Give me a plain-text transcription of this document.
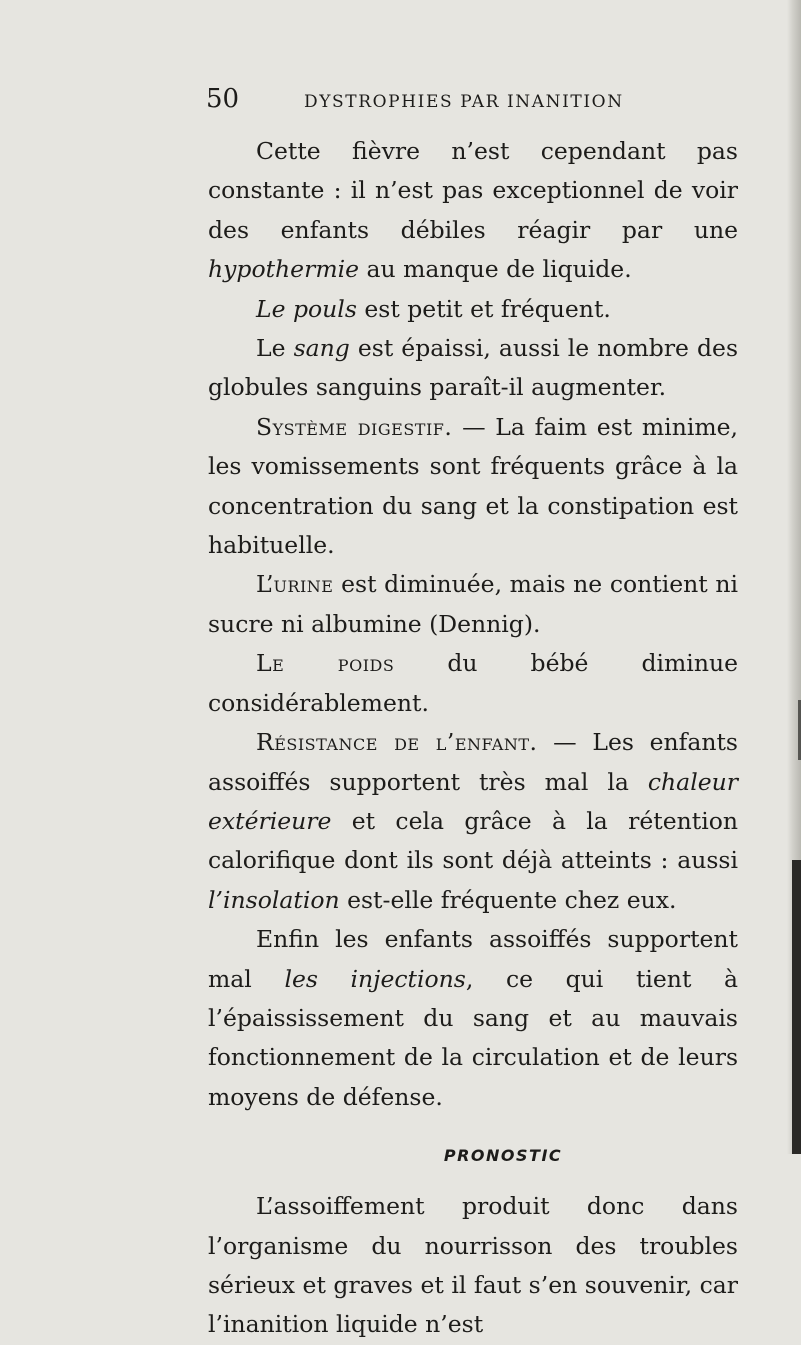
50	DYSTROPHIES PAR INANITION

Cette fièvre n’est cependant pas constante : il n’est pas exceptionnel de voir des enfants débiles réagir par une hypothermie au manque de liquide.

Le pouls est petit et fréquent.

Le sang est épaissi, aussi le nombre des globules sanguins paraît-il augmenter.

Système digestif. — La faim est minime, les vomissements sont fréquents grâce à la concentration du sang et la constipation est habituelle.

L’urine est diminuée, mais ne contient ni sucre ni albumine (Dennig).

Le poids du bébé diminue considérablement.

Résistance de l’enfant. — Les enfants assoiffés supportent très mal la chaleur extérieure et cela grâce à la rétention calorifique dont ils sont déjà atteints : aussi l’insolation est-elle fréquente chez eux.

Enfin les enfants assoiffés supportent mal les injections, ce qui tient à l’épaississement du sang et au mauvais fonctionnement de la circulation et de leurs moyens de défense.

PRONOSTIC

L’assoiffement produit donc dans l’organisme du nourrisson des troubles sérieux et graves et il faut s’en souvenir, car l’inanition liquide n’est
